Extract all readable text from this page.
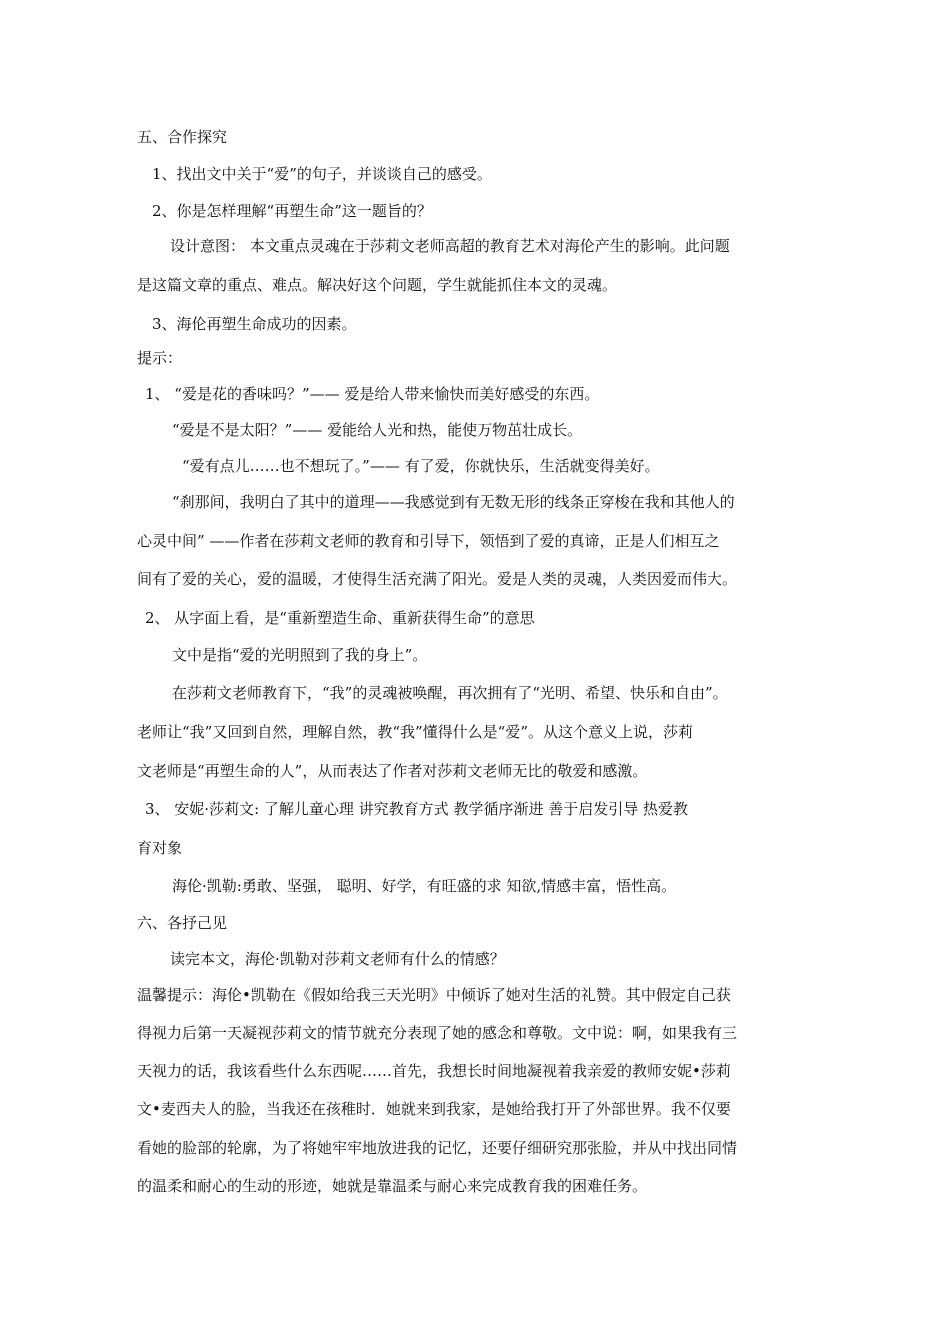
五、合作探究
1、找出文中关于“爱”的句子，并谈谈自己的感受。
2、你是怎样理解“再塑生命”这一题旨的？
设计意图： 本文重点灵魂在于莎莉文老师高超的教育艺术对海伦产生的影响。此问题
是这篇文章的重点、难点。解决好这个问题，学生就能抓住本文的灵魂。
3、海伦再塑生命成功的因素。
提示：
1、 “爱是花的香味吗？”—— 爱是给人带来愉快而美好感受的东西。
“爱是不是太阳？”—— 爱能给人光和热，能使万物茁壮成长。
“爱有点儿……也不想玩了。”—— 有了爱，你就快乐，生活就变得美好。
“刹那间，我明白了其中的道理——我感觉到有无数无形的线条正穿梭在我和其他人的
心灵中间” ——作者在莎莉文老师的教育和引导下，领悟到了爱的真谛，正是人们相互之
间有了爱的关心，爱的温暖，才使得生活充满了阳光。爱是人类的灵魂，人类因爱而伟大。
2、 从字面上看，是“重新塑造生命、重新获得生命”的意思
文中是指“爱的光明照到了我的身上”。
在莎莉文老师教育下，“我”的灵魂被唤醒，再次拥有了“光明、希望、快乐和自由”。
老师让“我”又回到自然，理解自然，教“我”懂得什么是“爱”。从这个意义上说，莎莉
文老师是“再塑生命的人”，从而表达了作者对莎莉文老师无比的敬爱和感激。
3、 安妮·莎莉文: 了解儿童心理 讲究教育方式 教学循序渐进 善于启发引导 热爱教
育对象
海伦·凯勒:勇敢、坚强， 聪明、好学，有旺盛的求 知欲,情感丰富，悟性高。
六、各抒己见
读完本文，海伦·凯勒对莎莉文老师有什么的情感？
温馨提示：海伦•凯勒在《假如给我三天光明》中倾诉了她对生活的礼赞。其中假定自己获
得视力后第一天凝视莎莉文的情节就充分表现了她的感念和尊敬。文中说：啊，如果我有三
天视力的话，我该看些什么东西呢……首先，我想长时间地凝视着我亲爱的教师安妮•莎莉
文•麦西夫人的脸，当我还在孩稚时．她就来到我家，是她给我打开了外部世界。我不仅要
看她的脸部的轮廓，为了将她牢牢地放进我的记忆，还要仔细研究那张脸，并从中找出同情
的温柔和耐心的生动的形迹，她就是靠温柔与耐心来完成教育我的困难任务。
